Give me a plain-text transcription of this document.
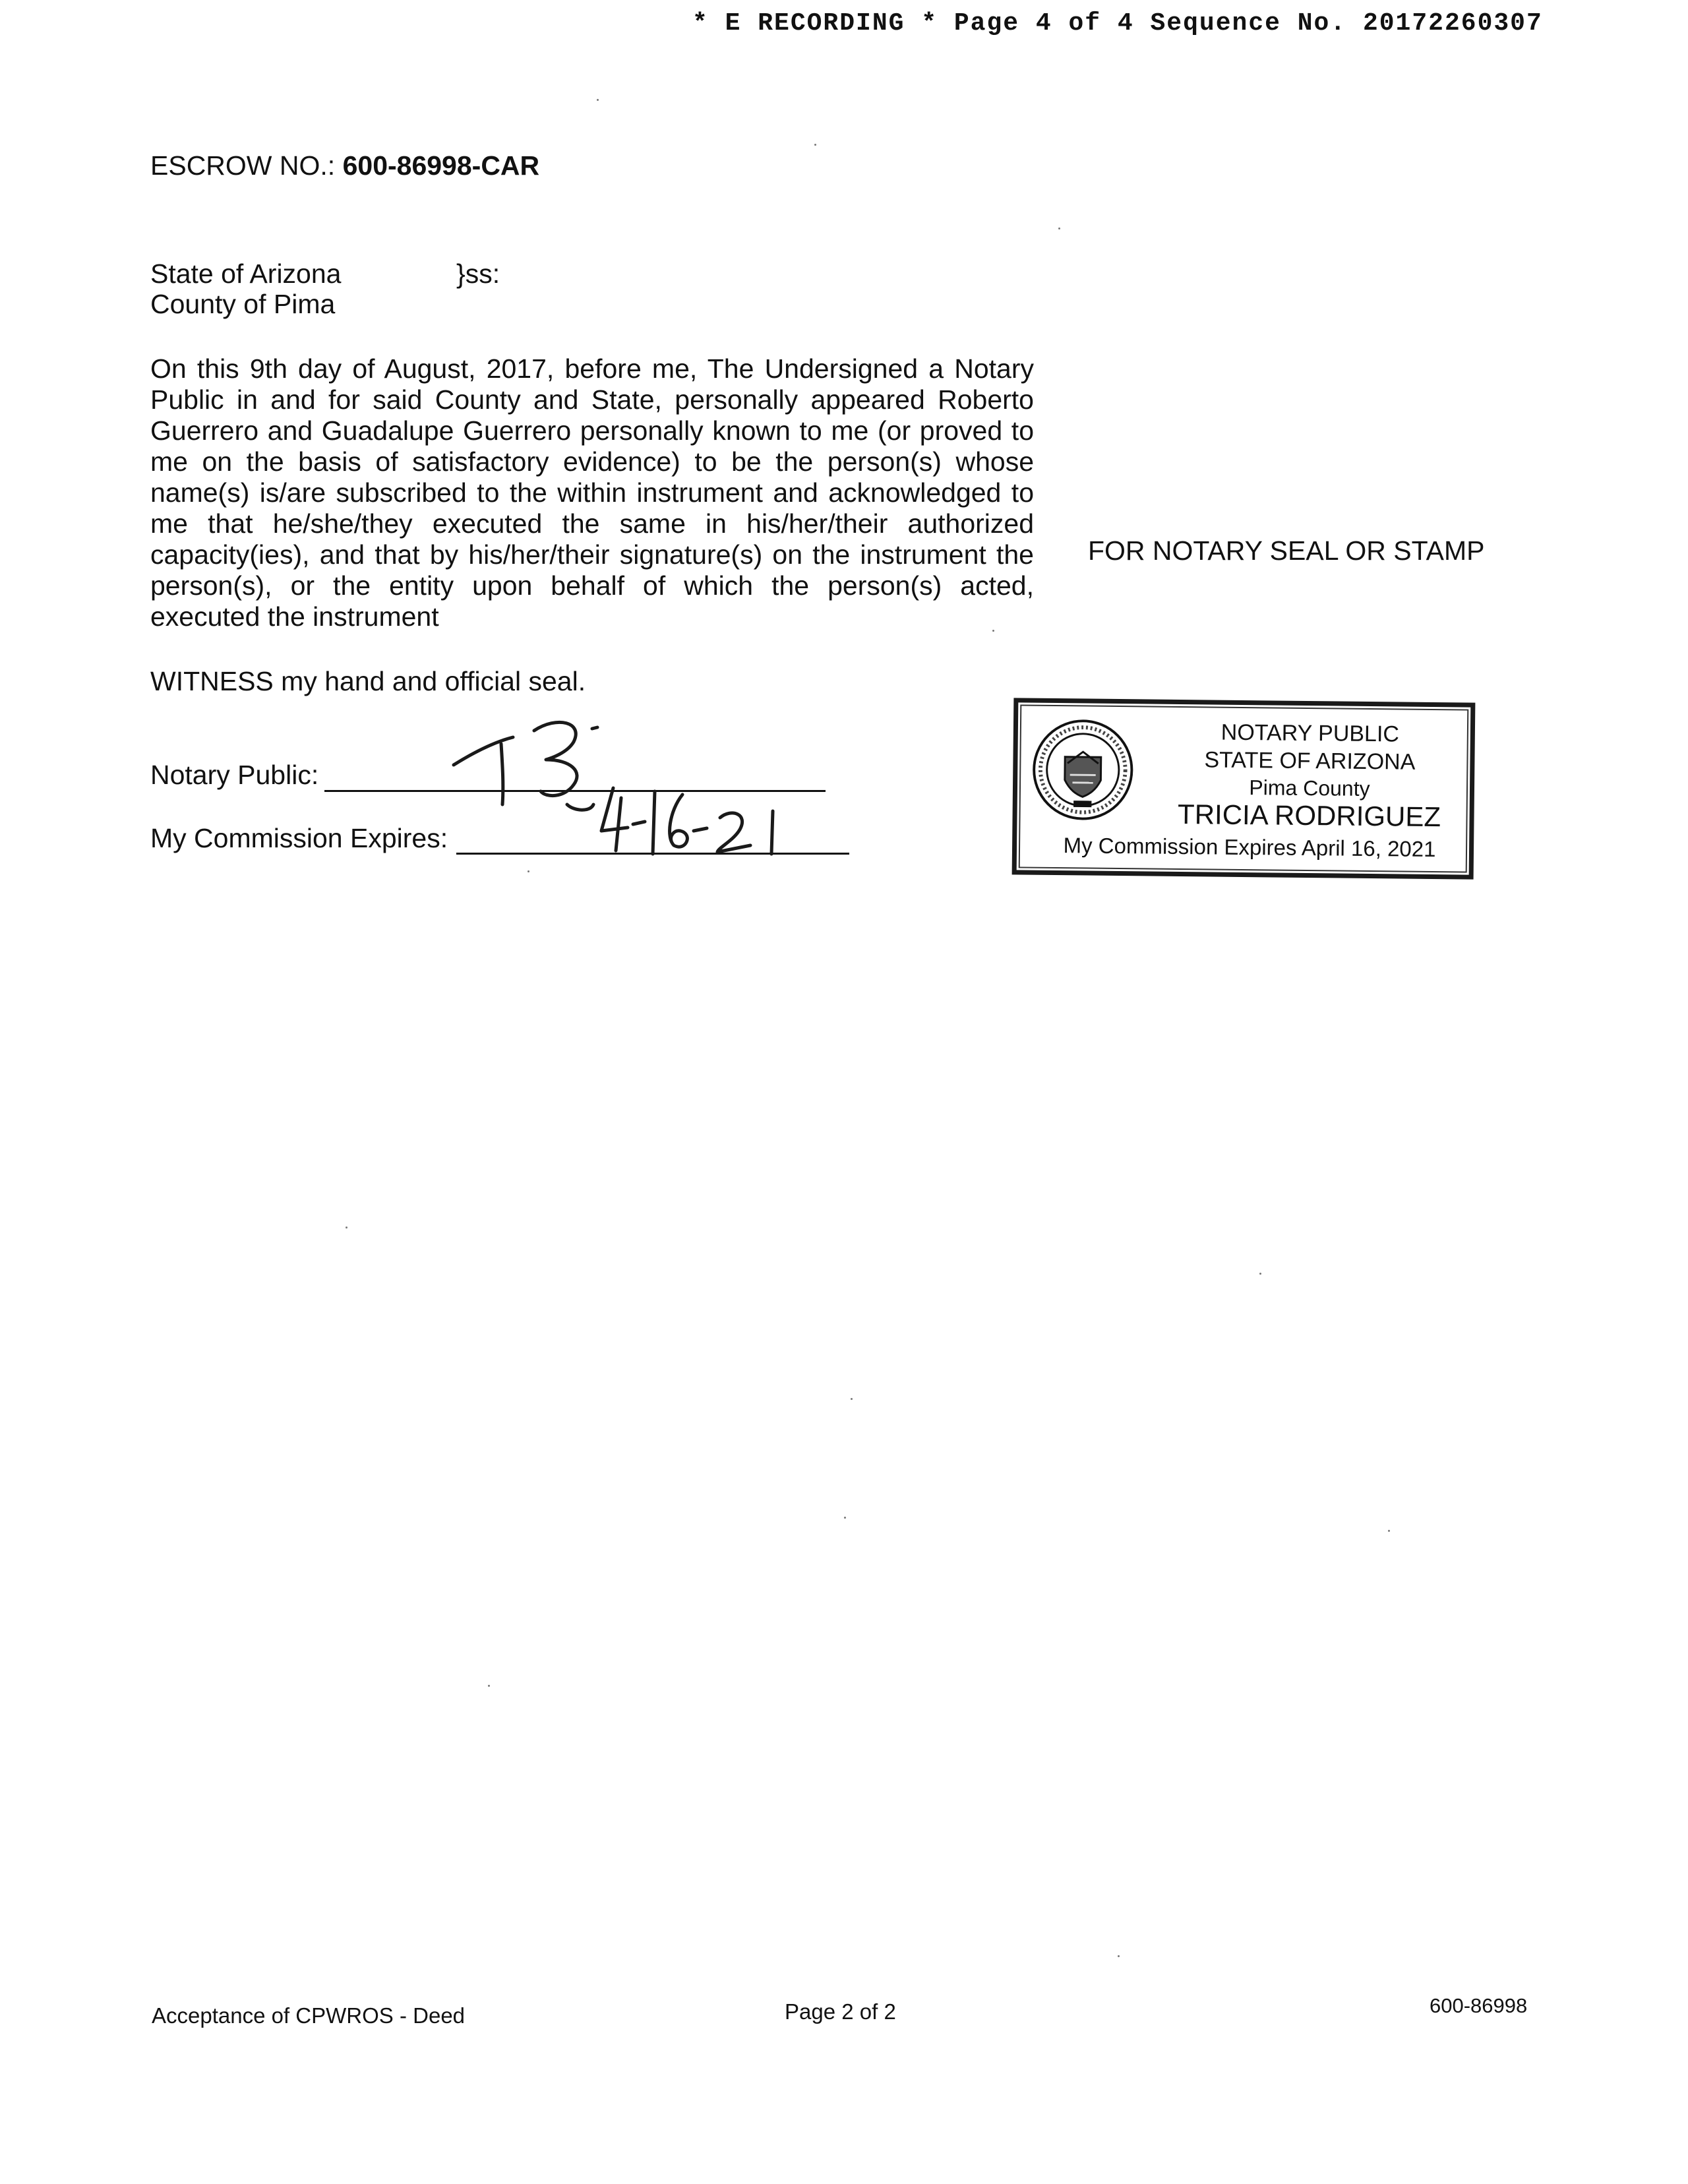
* E RECORDING * Page 4 of 4 Sequence No. 20172260307
ESCROW NO.: 600-86998-CAR
State of Arizona	}ss:
County of Pima
On this 9th day of August, 2017, before me, The Undersigned a Notary
Public in and for said County and State, personally appeared Roberto
Guerrero and Guadalupe Guerrero personally known to me (or proved to
me on the basis of satisfactory evidence) to be the person(s) whose
name(s) is/are subscribed to the within instrument and acknowledged to
me that he/she/they executed the same in his/her/their authorized
capacity(ies), and that by his/her/their signature(s) on the instrument the
person(s), or the entity upon behalf of which the person(s) acted,
executed the instrument
FOR NOTARY SEAL OR STAMP
WITNESS my hand and official seal.
Notary Public:
My Commission Expires:
NOTARY PUBLIC
STATE OF ARIZONA
Pima County
TRICIA RODRIGUEZ
My Commission Expires April 16, 2021
Acceptance of CPWROS - Deed	Page 2 of 2	600-86998
